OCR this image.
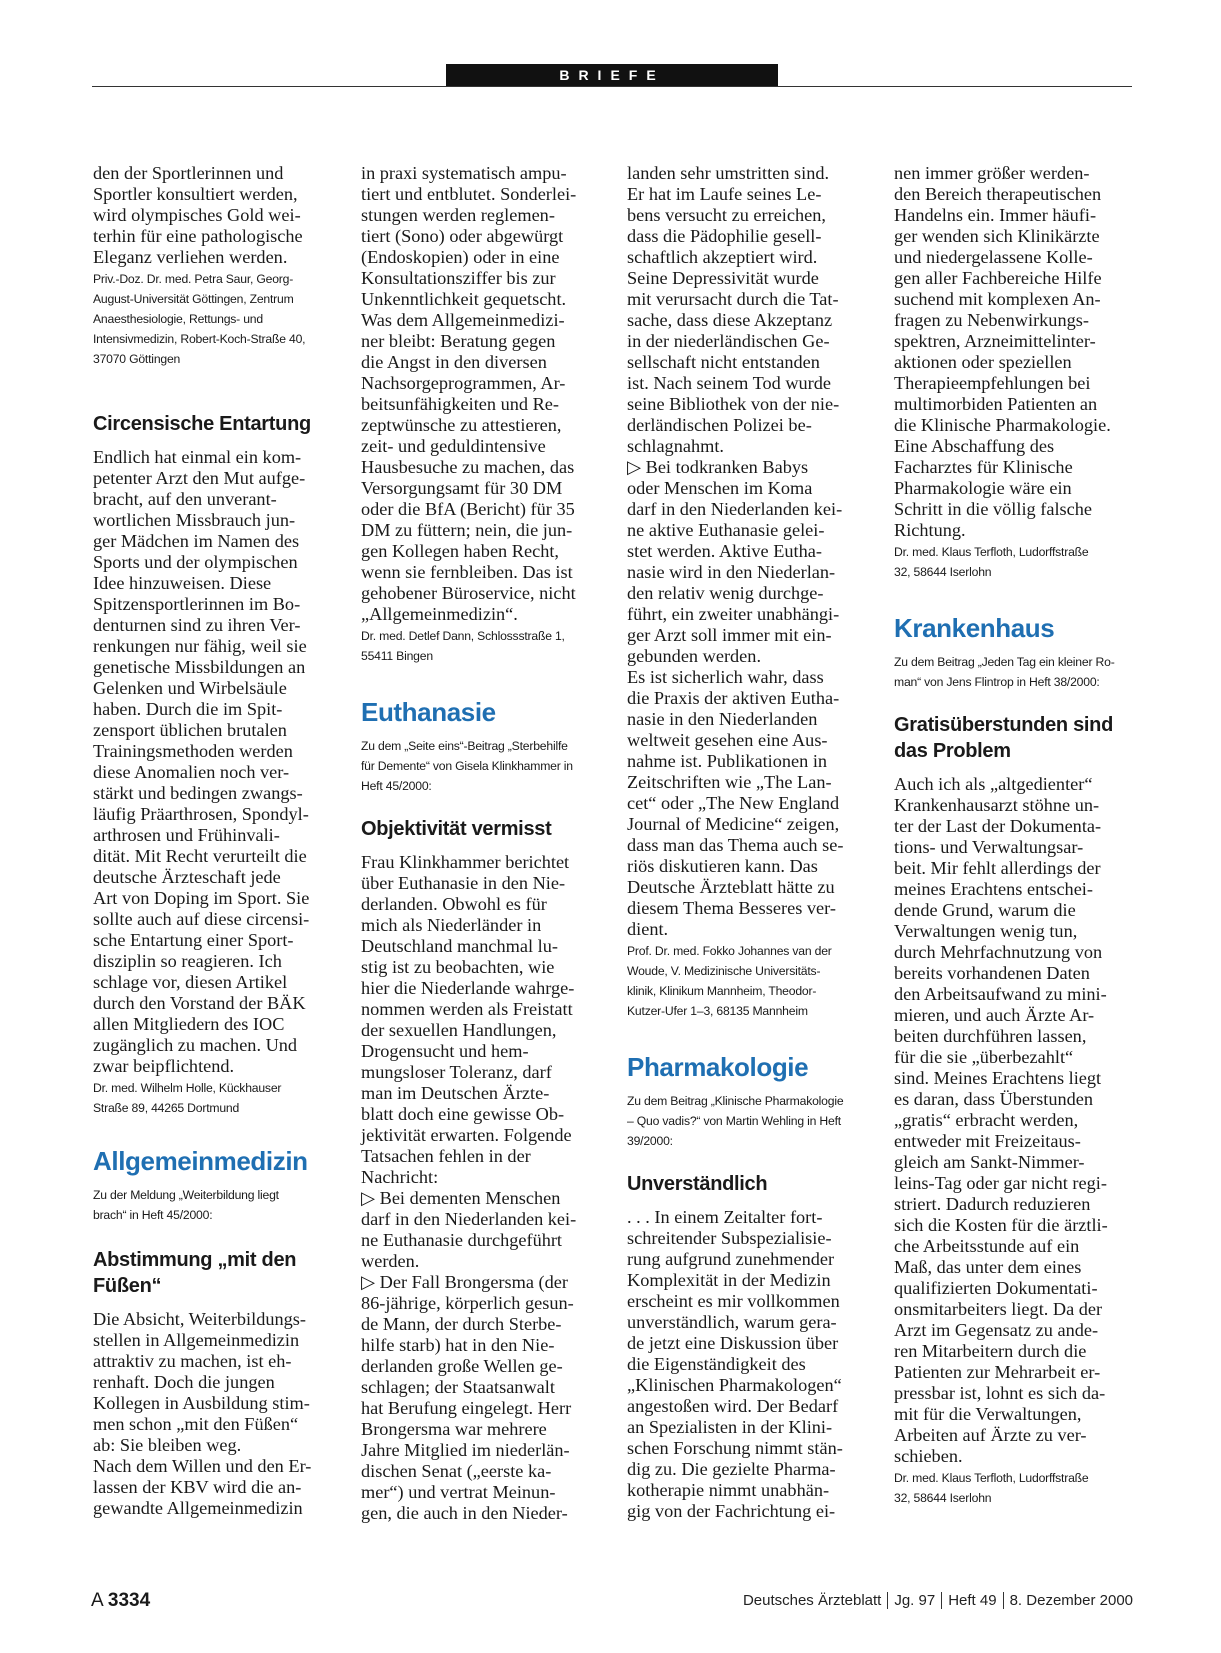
BRIEFE
den der Sportlerinnen und
Sportler konsultiert werden,
wird olympisches Gold wei-
terhin für eine pathologische
Eleganz verliehen werden.
Priv.-Doz. Dr. med. Petra Saur, Georg-
August-Universität Göttingen, Zentrum
Anaesthesiologie, Rettungs- und
Intensivmedizin, Robert-Koch-Straße 40,
37070 Göttingen
Circensische Entartung
Endlich hat einmal ein kom-
petenter Arzt den Mut aufge-
bracht, auf den unverant-
wortlichen Missbrauch jun-
ger Mädchen im Namen des
Sports und der olympischen
Idee hinzuweisen. Diese
Spitzensportlerinnen im Bo-
denturnen sind zu ihren Ver-
renkungen nur fähig, weil sie
genetische Missbildungen an
Gelenken und Wirbelsäule
haben. Durch die im Spit-
zensport üblichen brutalen
Trainingsmethoden werden
diese Anomalien noch ver-
stärkt und bedingen zwangs-
läufig Präarthrosen, Spondyl-
arthrosen und Frühinvali-
dität. Mit Recht verurteilt die
deutsche Ärzteschaft jede
Art von Doping im Sport. Sie
sollte auch auf diese circensi-
sche Entartung einer Sport-
disziplin so reagieren. Ich
schlage vor, diesen Artikel
durch den Vorstand der BÄK
allen Mitgliedern des IOC
zugänglich zu machen. Und
zwar beipflichtend.
Dr. med. Wilhelm Holle, Kückhauser
Straße 89, 44265 Dortmund
Allgemeinmedizin
Zu der Meldung „Weiterbildung liegt
brach“ in Heft 45/2000:
Abstimmung „mit den
Füßen“
Die Absicht, Weiterbildungs-
stellen in Allgemeinmedizin
attraktiv zu machen, ist eh-
renhaft. Doch die jungen
Kollegen in Ausbildung stim-
men schon „mit den Füßen“
ab: Sie bleiben weg.
Nach dem Willen und den Er-
lassen der KBV wird die an-
gewandte Allgemeinmedizin
in praxi systematisch ampu-
tiert und entblutet. Sonderlei-
stungen werden reglemen-
tiert (Sono) oder abgewürgt
(Endoskopien) oder in eine
Konsultationsziffer bis zur
Unkenntlichkeit gequetscht.
Was dem Allgemeinmedizi-
ner bleibt: Beratung gegen
die Angst in den diversen
Nachsorgeprogrammen, Ar-
beitsunfähigkeiten und Re-
zeptwünsche zu attestieren,
zeit- und geduldintensive
Hausbesuche zu machen, das
Versorgungsamt für 30 DM
oder die BfA (Bericht) für 35
DM zu füttern; nein, die jun-
gen Kollegen haben Recht,
wenn sie fernbleiben. Das ist
gehobener Büroservice, nicht
„Allgemeinmedizin“.
Dr. med. Detlef Dann, Schlossstraße 1,
55411 Bingen
Euthanasie
Zu dem „Seite eins“-Beitrag „Sterbehilfe
für Demente“ von Gisela Klinkhammer in
Heft 45/2000:
Objektivität vermisst
Frau Klinkhammer berichtet
über Euthanasie in den Nie-
derlanden. Obwohl es für
mich als Niederländer in
Deutschland manchmal lu-
stig ist zu beobachten, wie
hier die Niederlande wahrge-
nommen werden als Freistatt
der sexuellen Handlungen,
Drogensucht und hem-
mungsloser Toleranz, darf
man im Deutschen Ärzte-
blatt doch eine gewisse Ob-
jektivität erwarten. Folgende
Tatsachen fehlen in der
Nachricht:
▷ Bei dementen Menschen
darf in den Niederlanden kei-
ne Euthanasie durchgeführt
werden.
▷ Der Fall Brongersma (der
86-jährige, körperlich gesun-
de Mann, der durch Sterbe-
hilfe starb) hat in den Nie-
derlanden große Wellen ge-
schlagen; der Staatsanwalt
hat Berufung eingelegt. Herr
Brongersma war mehrere
Jahre Mitglied im niederlän-
dischen Senat („eerste ka-
mer“) und vertrat Meinun-
gen, die auch in den Nieder-
landen sehr umstritten sind.
Er hat im Laufe seines Le-
bens versucht zu erreichen,
dass die Pädophilie gesell-
schaftlich akzeptiert wird.
Seine Depressivität wurde
mit verursacht durch die Tat-
sache, dass diese Akzeptanz
in der niederländischen Ge-
sellschaft nicht entstanden
ist. Nach seinem Tod wurde
seine Bibliothek von der nie-
derländischen Polizei be-
schlagnahmt.
▷ Bei todkranken Babys
oder Menschen im Koma
darf in den Niederlanden kei-
ne aktive Euthanasie gelei-
stet werden. Aktive Eutha-
nasie wird in den Niederlan-
den relativ wenig durchge-
führt, ein zweiter unabhängi-
ger Arzt soll immer mit ein-
gebunden werden.
Es ist sicherlich wahr, dass
die Praxis der aktiven Eutha-
nasie in den Niederlanden
weltweit gesehen eine Aus-
nahme ist. Publikationen in
Zeitschriften wie „The Lan-
cet“ oder „The New England
Journal of Medicine“ zeigen,
dass man das Thema auch se-
riös diskutieren kann. Das
Deutsche Ärzteblatt hätte zu
diesem Thema Besseres ver-
dient.
Prof. Dr. med. Fokko Johannes van der
Woude, V. Medizinische Universitäts-
klinik, Klinikum Mannheim, Theodor-
Kutzer-Ufer 1–3, 68135 Mannheim
Pharmakologie
Zu dem Beitrag „Klinische Pharmakologie
– Quo vadis?“ von Martin Wehling in Heft
39/2000:
Unverständlich
. . . In einem Zeitalter fort-
schreitender Subspezialisie-
rung aufgrund zunehmender
Komplexität in der Medizin
erscheint es mir vollkommen
unverständlich, warum gera-
de jetzt eine Diskussion über
die Eigenständigkeit des
„Klinischen Pharmakologen“
angestoßen wird. Der Bedarf
an Spezialisten in der Klini-
schen Forschung nimmt stän-
dig zu. Die gezielte Pharma-
kotherapie nimmt unabhän-
gig von der Fachrichtung ei-
nen immer größer werden-
den Bereich therapeutischen
Handelns ein. Immer häufi-
ger wenden sich Klinikärzte
und niedergelassene Kolle-
gen aller Fachbereiche Hilfe
suchend mit komplexen An-
fragen zu Nebenwirkungs-
spektren, Arzneimittelinter-
aktionen oder speziellen
Therapieempfehlungen bei
multimorbiden Patienten an
die Klinische Pharmakologie.
Eine Abschaffung des
Facharztes für Klinische
Pharmakologie wäre ein
Schritt in die völlig falsche
Richtung.
Dr. med. Klaus Terfloth, Ludorffstraße
32, 58644 Iserlohn
Krankenhaus
Zu dem Beitrag „Jeden Tag ein kleiner Ro-
man“ von Jens Flintrop in Heft 38/2000:
Gratisüberstunden sind
das Problem
Auch ich als „altgedienter“
Krankenhausarzt stöhne un-
ter der Last der Dokumenta-
tions- und Verwaltungsar-
beit. Mir fehlt allerdings der
meines Erachtens entschei-
dende Grund, warum die
Verwaltungen wenig tun,
durch Mehrfachnutzung von
bereits vorhandenen Daten
den Arbeitsaufwand zu mini-
mieren, und auch Ärzte Ar-
beiten durchführen lassen,
für die sie „überbezahlt“
sind. Meines Erachtens liegt
es daran, dass Überstunden
„gratis“ erbracht werden,
entweder mit Freizeitaus-
gleich am Sankt-Nimmer-
leins-Tag oder gar nicht regi-
striert. Dadurch reduzieren
sich die Kosten für die ärztli-
che Arbeitsstunde auf ein
Maß, das unter dem eines
qualifizierten Dokumentati-
onsmitarbeiters liegt. Da der
Arzt im Gegensatz zu ande-
ren Mitarbeitern durch die
Patienten zur Mehrarbeit er-
pressbar ist, lohnt es sich da-
mit für die Verwaltungen,
Arbeiten auf Ärzte zu ver-
schieben.
Dr. med. Klaus Terfloth, Ludorffstraße
32, 58644 Iserlohn
A 3334	Deutsches Ärzteblatt Jg. 97 Heft 49 8. Dezember 2000
